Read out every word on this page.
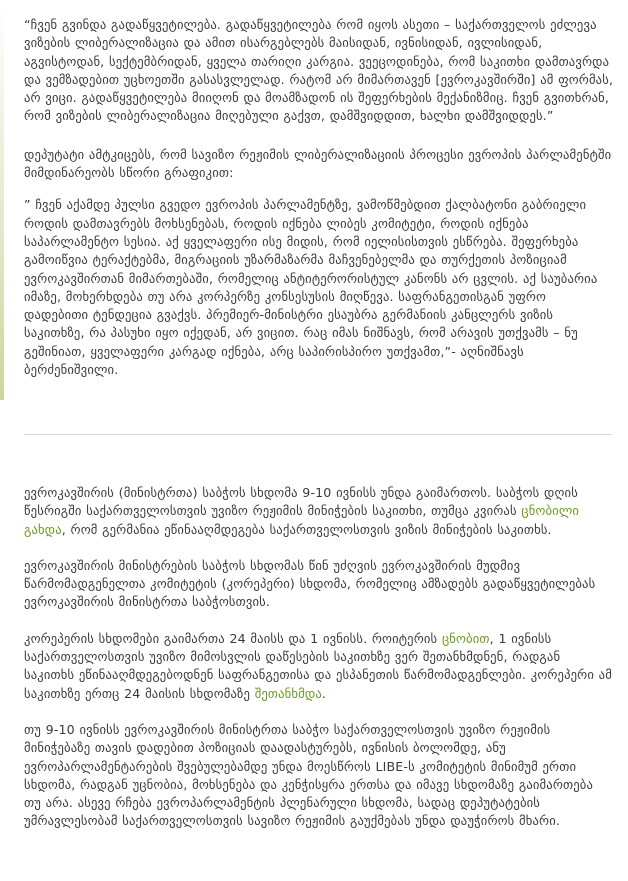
“ჩვენ გვინდა გადაწყვეტილება. გადაწყვეტილება რომ იყოს ასეთი – საქართველოს ეძლევა ვიზების ლიბერალიზაცია და ამით ისარგებლებს მაისიდან, ივნისიდან, ივლისიდან, აგვისტოდან, სექტემბრიდან, ყველა თარიღი კარგია. ვეეცოდინება, რომ საკითხი დამთავრდა და ვემზადებით უცხოეთში გასასვლელად. რატომ არ მიმართავენ [ევროკავშირში] ამ ფორმას, არ ვიცი. გადაწყვეტილება მიიღონ და მოამზადონ ის შეფერხების მექანიზმიც. ჩვენ გვითხრან, რომ ვიზების ლიბერალიზაცია მიღებული გაქვთ, დამშვიდდით, ხალხი დამშვიდდეს.”

დეპუტატი ამტკიცებს, რომ სავიზო რეჟიმის ლიბერალიზაციის პროცესი ევროპის პარლამენტში მიმდინარეობს სწორი გრაფიკით:

” ჩვენ აქამდე პულსი გვედო ევროპის პარლამენტზე, ვამოწმებდით ქალბატონი გაბრიელი როდის დამთავრებს მოხსენებას, როდის იქნება ლიბეს კომიტეტი, როდის იქნება საპარლამენტო სესია. აქ ყველაფერი ისე მიდის, რომ იელისისთვის ესწრება. შეფერხება გამოიწვია ტერაქტებმა, მიგრაციის უზარმაზარმა მაჩვენებელმა და თურქეთის პოზიციამ ევროკავშირთან მიმართებაში, რომელიც ანტიტერორისტულ კანონს არ ცვლის. აქ საუბარია იმაზე, მოხერხდება თუ არა კორპერზე კონსესუსის მიღწევა. საფრანგეთისგან უფრო დადებითი ტენდეცია გვაქვს. პრემიერ-მინისტრი ესაუბრა გერმანიის კანცლერს ვიზის საკითხზე, რა პასუხი იყო იქედან, არ ვიცით. რაც იმას ნიშნავს, რომ არავის უთქვამს – ნუ გეშინიათ, ყველაფერი კარგად იქნება, არც საპირისპირო უთქვამთ,”- აღნიშნავს ბერძენიშვილი.

ევროკავშირის (მინისტრთა) საბჭოს სხდომა 9-10 ივნისს უნდა გაიმართოს. საბჭოს დღის წესრიგში საქართველოსთვის უვიზო რეჟიმის მინიჭების საკითხი, თუმცა კვირას ცნობილი გახდა, რომ გერმანია ეწინააღმდეგება საქართველოსთვის ვიზის მინიჭების საკითხს.

ევროკავშირის მინისტრების საბჭოს სხდომას წინ უძღვის ევროკავშირის მუდმივ წარმომადგენელთა კომიტეტის (კორეპერი) სხდომა, რომელიც ამზადებს გადაწყვეტილებას ევროკავშირის მინისტრთა საბჭოსთვის.

კორეპერის სხდომები გაიმართა 24 მაისს და 1 ივნისს. როიტერის ცნობით, 1 ივნისს საქართველოსთვის უვიზო მიმოსვლის დაწესების საკითხზე ვერ შეთანხმდნენ, რადგან საკითხს ეწინააღმდეგებოდნენ საფრანგეთისა და ესპანეთის წარმომადგენლები. კორეპერი ამ საკითხზე ერთც 24 მაისის სხდომაზე შეთანხმდა.

თუ 9-10 ივნისს ევროკავშირის მინისტრთა საბჭო საქართველოსთვის უვიზო რეჟიმის მინიჭებაზე თავის დადებით პოზიციას დაადასტურებს, ივნისის ბოლომდე, ანუ ევროპარლამენტარების შვებულებამდე უნდა მოესწროს LIBE-ს კომიტეტის მინიმუმ ერთი სხდომა, რადგან უცნობია, მოხსენება და კენჭისყრა ერთსა და იმავე სხდომაზე გაიმართება თუ არა. ასევე რჩება ევროპარლამენტის პლენარული სხდომა, სადაც დეპუტატების უმრავლესობამ საქართველოსთვის სავიზო რეჟიმის გაუქმებას უნდა დაუჭიროს მხარი.
